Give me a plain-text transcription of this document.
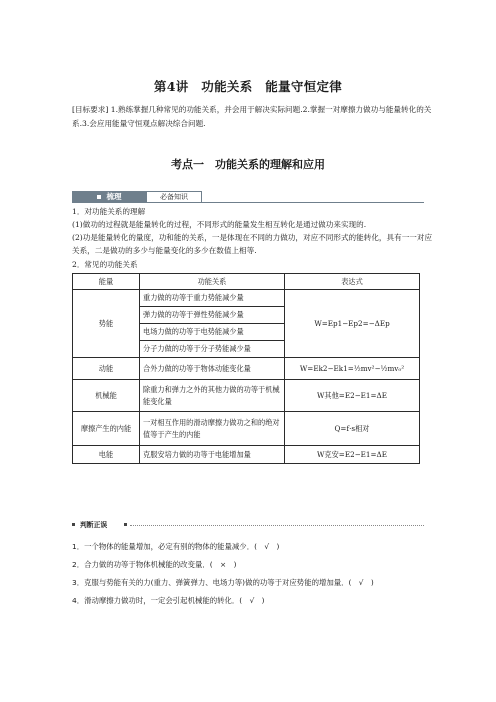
第4讲　功能关系　能量守恒定律
[目标要求] 1.熟练掌握几种常见的功能关系，并会用于解决实际问题.2.掌握一对摩擦力做功与能量转化的关系.3.会应用能量守恒观点解决综合问题.
考点一　功能关系的理解和应用
梳理	必备知识
1．对功能关系的理解
(1)做功的过程就是能量转化的过程，不同形式的能量发生相互转化是通过做功来实现的.
(2)功是能量转化的量度，功和能的关系，一是体现在不同的力做功，对应不同形式的能转化，具有一一对应关系，二是做功的多少与能量变化的多少在数值上相等.
2．常见的功能关系
能量	功能关系	表达式
势能	重力做的功等于重力势能减少量	W=Ep1−Ep2=−ΔEp
	弹力做的功等于弹性势能减少量	
	电场力做的功等于电势能减少量	
	分子力做的功等于分子势能减少量	
动能	合外力做的功等于物体动能变化量	W=Ek2−Ek1=½mv²−½mv₀²
机械能	除重力和弹力之外的其他力做的功等于机械能变化量	W其他=E2−E1=ΔE
摩擦产生的内能	一对相互作用的滑动摩擦力做功之和的绝对值等于产生的内能	Q=f·s相对
电能	克服安培力做的功等于电能增加量	W克安=E2−E1=ΔE
判断正误
1．一个物体的能量增加，必定有别的物体的能量减少．(　√　)
2．合力做的功等于物体机械能的改变量．(　×　)
3．克服与势能有关的力(重力、弹簧弹力、电场力等)做的功等于对应势能的增加量．(　√　)
4．滑动摩擦力做功时，一定会引起机械能的转化．(　√　)
